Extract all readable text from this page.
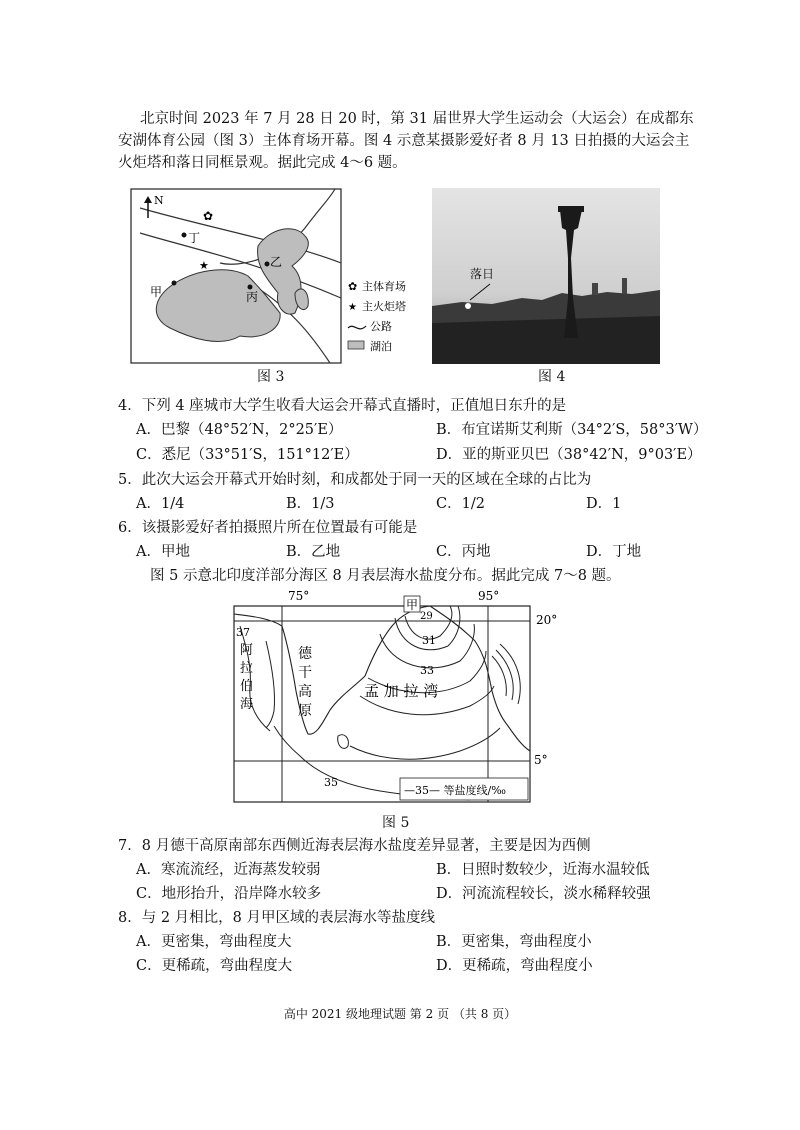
北京时间 2023 年 7 月 28 日 20 时，第 31 届世界大学生运动会（大运会）在成都东
安湖体育公园（图 3）主体育场开幕。图 4 示意某摄影爱好者 8 月 13 日拍摄的大运会主
火炬塔和落日同框景观。据此完成 4～6 题。
N
✿
★
丁
乙
丙
甲	✿ 主体育场
★ 主火炬塔
公路
湖泊
图 3
落日
图 4
4．下列 4 座城市大学生收看大运会开幕式直播时，正值旭日东升的是
A．巴黎（48°52′N，2°25′E）	B．布宜诺斯艾利斯（34°2′S，58°3′W）
C．悉尼（33°51′S，151°12′E）	D．亚的斯亚贝巴（38°42′N，9°03′E）
5．此次大运会开幕式开始时刻，和成都处于同一天的区域在全球的占比为
A．1/4	B．1/3	C．1/2	D．1
6．该摄影爱好者拍摄照片所在位置最有可能是
A．甲地	B．乙地	C．丙地	D．丁地
图 5 示意北印度洋部分海区 8 月表层海水盐度分布。据此完成 7～8 题。
75°	95°
20°
5°
甲
37
29
31
33
35
阿
拉
伯
海
德
干
高
原
孟 加 拉 湾
—35— 等盐度线/‰
图 5
7．8 月德干高原南部东西侧近海表层海水盐度差异显著，主要是因为西侧
A．寒流流经，近海蒸发较弱	B．日照时数较少，近海水温较低
C．地形抬升，沿岸降水较多	D．河流流程较长，淡水稀释较强
8．与 2 月相比，8 月甲区域的表层海水等盐度线
A．更密集，弯曲程度大	B．更密集，弯曲程度小
C．更稀疏，弯曲程度大	D．更稀疏，弯曲程度小
高中 2021 级地理试题 第 2 页 （共 8 页）
